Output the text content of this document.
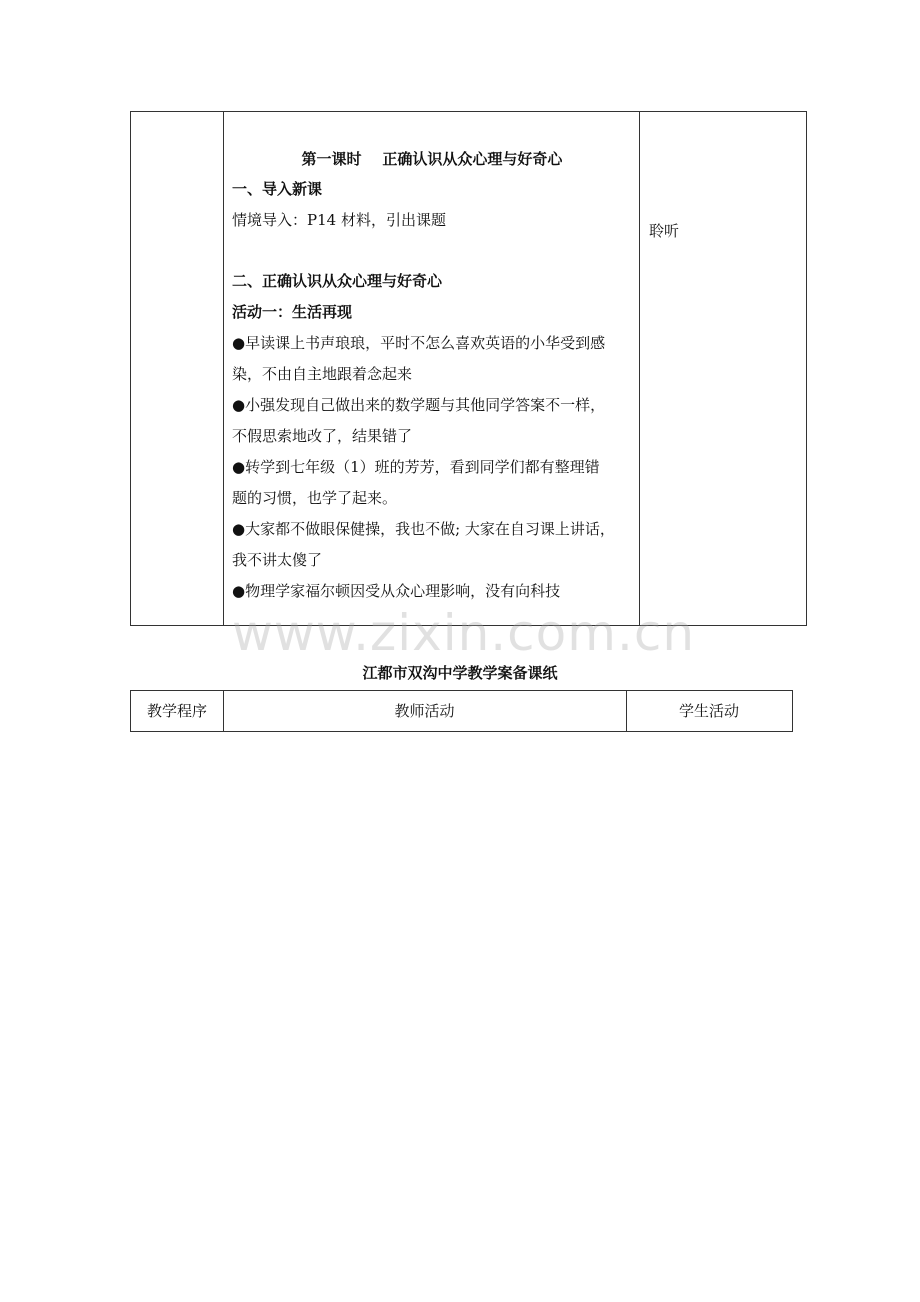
第一课时    正确认识从众心理与好奇心
一、导入新课
情境导入：P14 材料，引出课题
二、正确认识从众心理与好奇心
活动一：生活再现
●早读课上书声琅琅，平时不怎么喜欢英语的小华受到感
染，不由自主地跟着念起来
●小强发现自己做出来的数学题与其他同学答案不一样，
不假思索地改了，结果错了
●转学到七年级（1）班的芳芳，看到同学们都有整理错
题的习惯，也学了起来。
●大家都不做眼保健操，我也不做; 大家在自习课上讲话，
我不讲太傻了
●物理学家福尔顿因受从众心理影响，没有向科技
聆听
www.zixin.com.cn
江都市双沟中学教学案备课纸
教学程序	教师活动	学生活动
